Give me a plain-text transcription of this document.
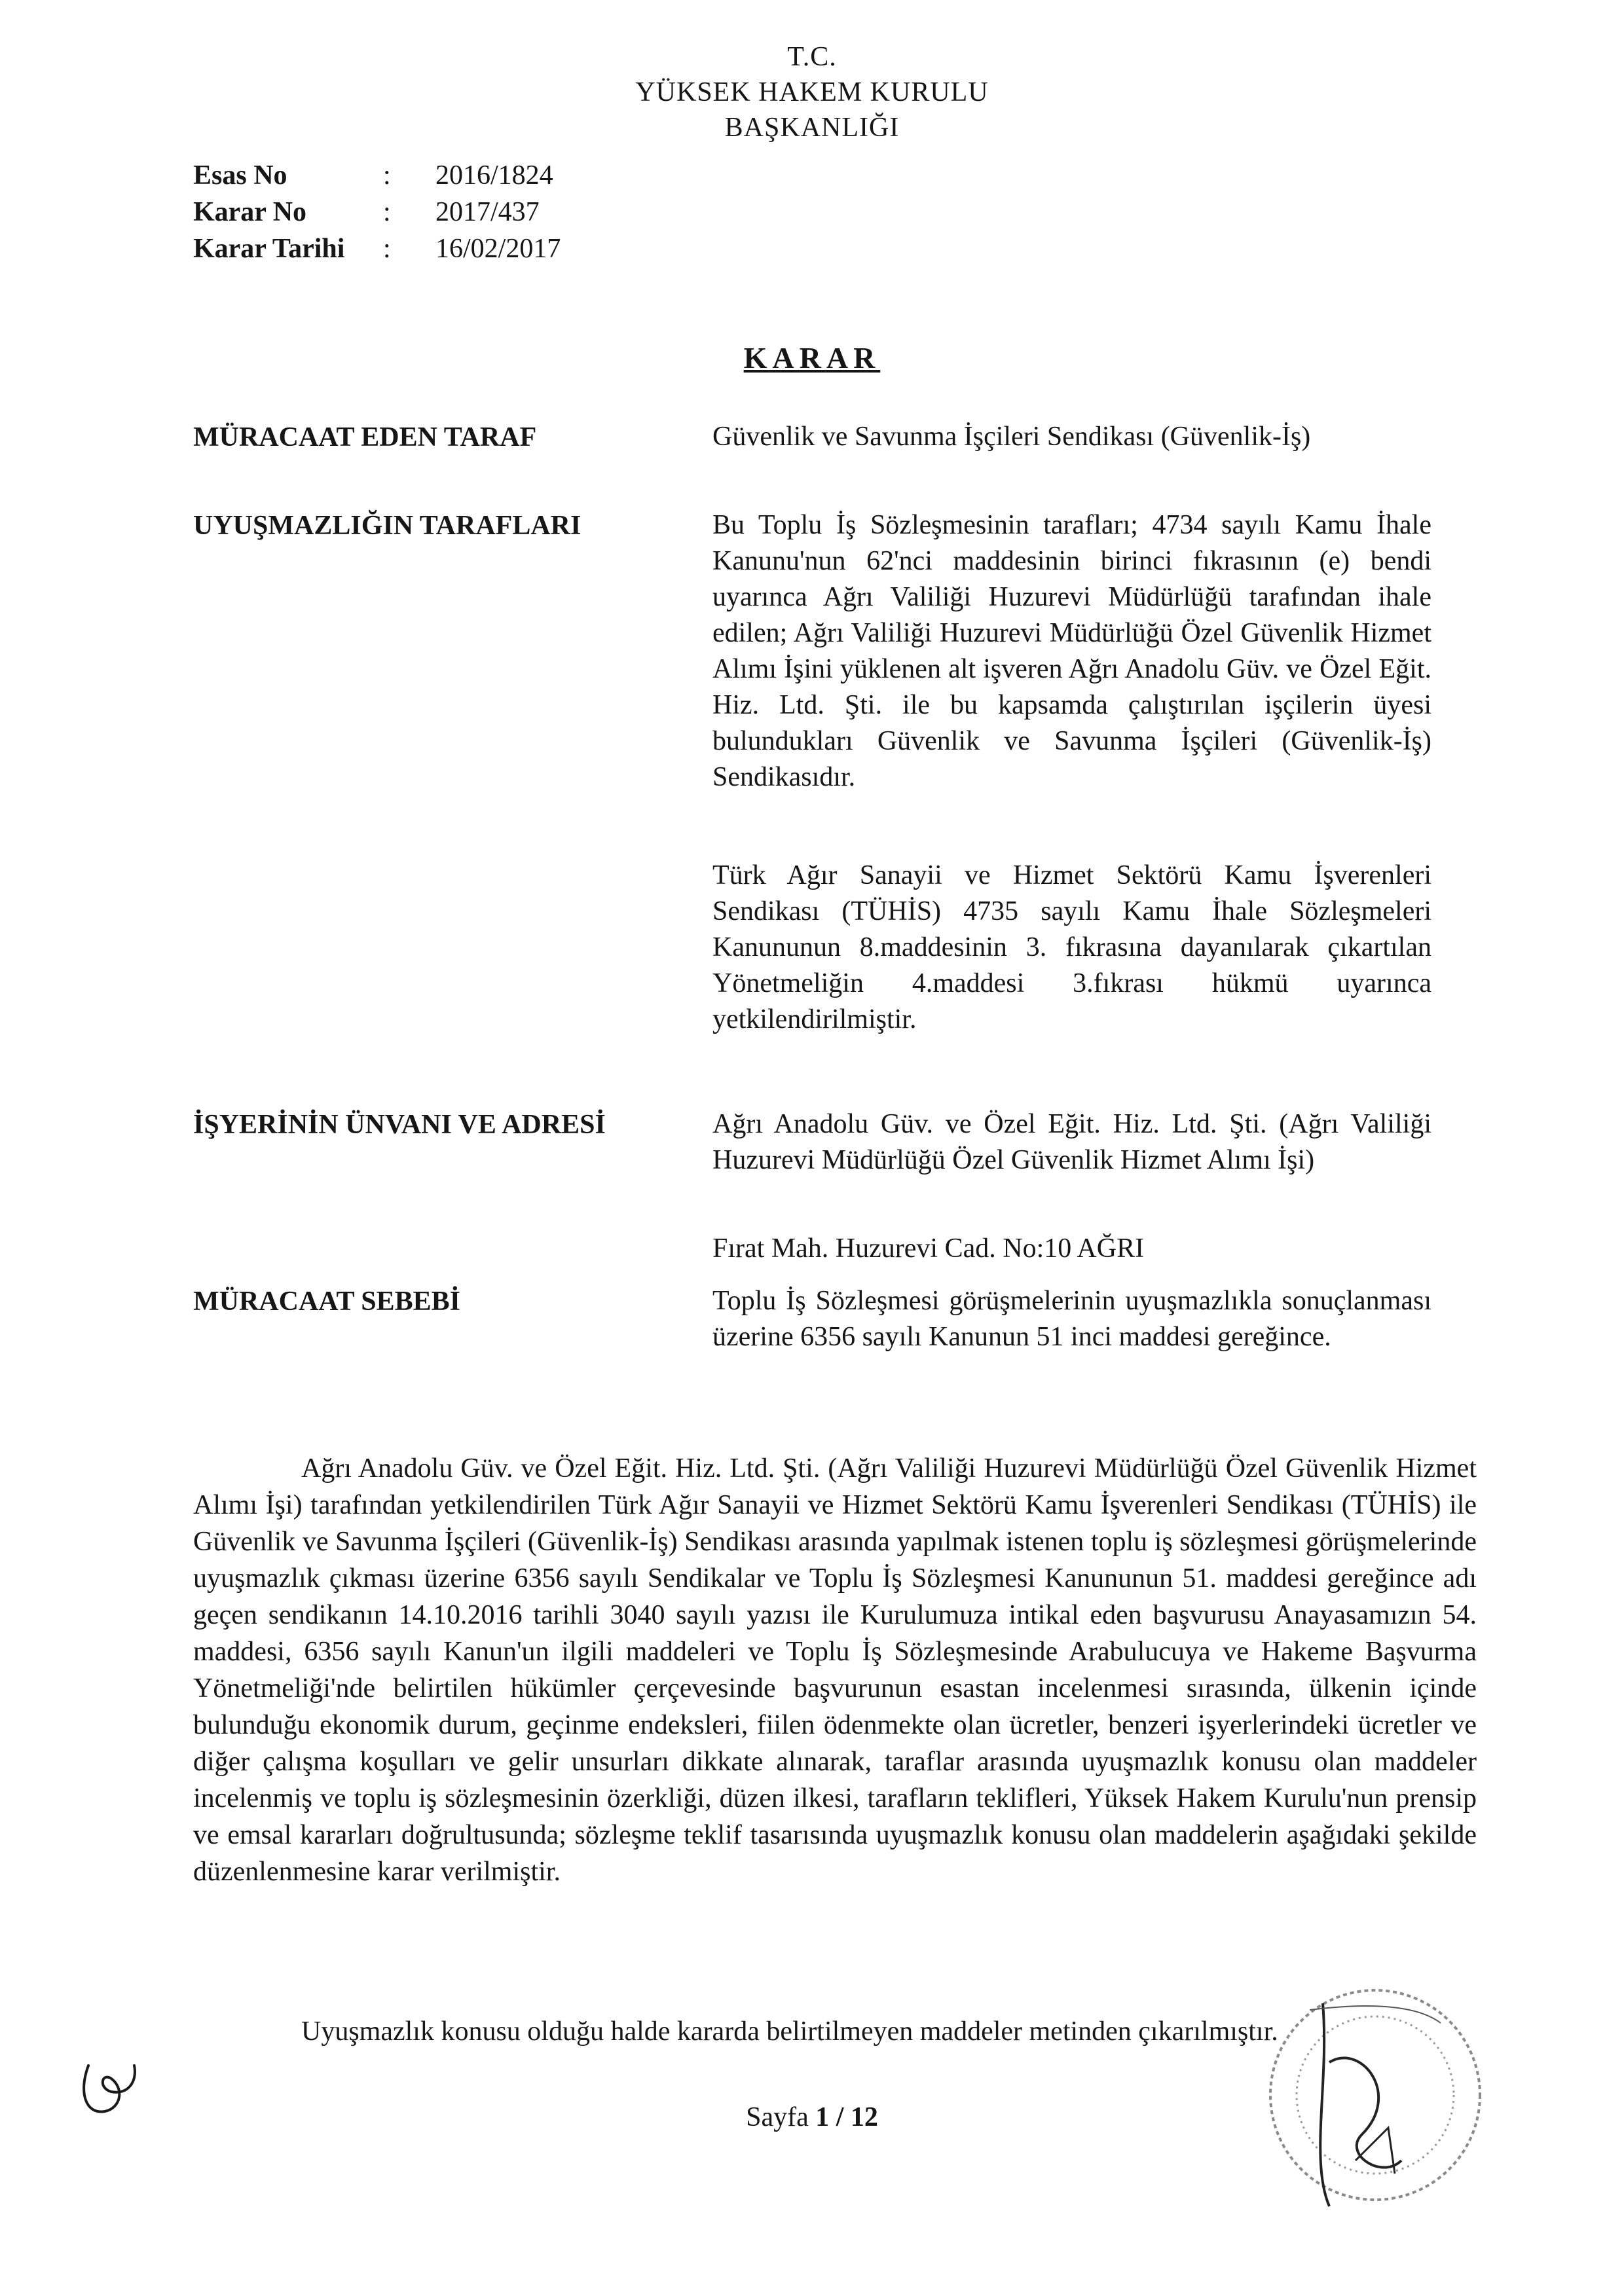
T.C.
YÜKSEK HAKEM KURULU
BAŞKANLIĞI
Esas No	:	2016/1824
Karar No	:	2017/437
Karar Tarihi	:	16/02/2017
KARAR
MÜRACAAT EDEN TARAF	Güvenlik ve Savunma İşçileri Sendikası (Güvenlik-İş)
UYUŞMAZLIĞIN TARAFLARI	Bu Toplu İş Sözleşmesinin tarafları; 4734 sayılı Kamu İhale Kanunu'nun 62'nci maddesinin birinci fıkrasının (e) bendi uyarınca Ağrı Valiliği Huzurevi Müdürlüğü tarafından ihale edilen; Ağrı Valiliği Huzurevi Müdürlüğü Özel Güvenlik Hizmet Alımı İşini yüklenen alt işveren Ağrı Anadolu Güv. ve Özel Eğit. Hiz. Ltd. Şti. ile bu kapsamda çalıştırılan işçilerin üyesi bulundukları Güvenlik ve Savunma İşçileri (Güvenlik-İş) Sendikasıdır.
Türk Ağır Sanayii ve Hizmet Sektörü Kamu İşverenleri Sendikası (TÜHİS) 4735 sayılı Kamu İhale Sözleşmeleri Kanununun 8.maddesinin 3. fıkrasına dayanılarak çıkartılan Yönetmeliğin 4.maddesi 3.fıkrası hükmü uyarınca yetkilendirilmiştir.
İŞYERİNİN ÜNVANI VE ADRESİ	Ağrı Anadolu Güv. ve Özel Eğit. Hiz. Ltd. Şti. (Ağrı Valiliği Huzurevi Müdürlüğü Özel Güvenlik Hizmet Alımı İşi)
Fırat Mah. Huzurevi Cad. No:10 AĞRI
MÜRACAAT SEBEBİ	Toplu İş Sözleşmesi görüşmelerinin uyuşmazlıkla sonuçlanması üzerine 6356 sayılı Kanunun 51 inci maddesi gereğince.
Ağrı Anadolu Güv. ve Özel Eğit. Hiz. Ltd. Şti. (Ağrı Valiliği Huzurevi Müdürlüğü Özel Güvenlik Hizmet Alımı İşi) tarafından yetkilendirilen Türk Ağır Sanayii ve Hizmet Sektörü Kamu İşverenleri Sendikası (TÜHİS) ile Güvenlik ve Savunma İşçileri (Güvenlik-İş) Sendikası arasında yapılmak istenen toplu iş sözleşmesi görüşmelerinde uyuşmazlık çıkması üzerine 6356 sayılı Sendikalar ve Toplu İş Sözleşmesi Kanununun 51. maddesi gereğince adı geçen sendikanın 14.10.2016 tarihli 3040 sayılı yazısı ile Kurulumuza intikal eden başvurusu Anayasamızın 54. maddesi, 6356 sayılı Kanun'un ilgili maddeleri ve Toplu İş Sözleşmesinde Arabulucuya ve Hakeme Başvurma Yönetmeliği'nde belirtilen hükümler çerçevesinde başvurunun esastan incelenmesi sırasında, ülkenin içinde bulunduğu ekonomik durum, geçinme endeksleri, fiilen ödenmekte olan ücretler, benzeri işyerlerindeki ücretler ve diğer çalışma koşulları ve gelir unsurları dikkate alınarak, taraflar arasında uyuşmazlık konusu olan maddeler incelenmiş ve toplu iş sözleşmesinin özerkliği, düzen ilkesi, tarafların teklifleri, Yüksek Hakem Kurulu'nun prensip ve emsal kararları doğrultusunda; sözleşme teklif tasarısında uyuşmazlık konusu olan maddelerin aşağıdaki şekilde düzenlenmesine karar verilmiştir.
Uyuşmazlık konusu olduğu halde kararda belirtilmeyen maddeler metinden çıkarılmıştır.
Sayfa 1 / 12
